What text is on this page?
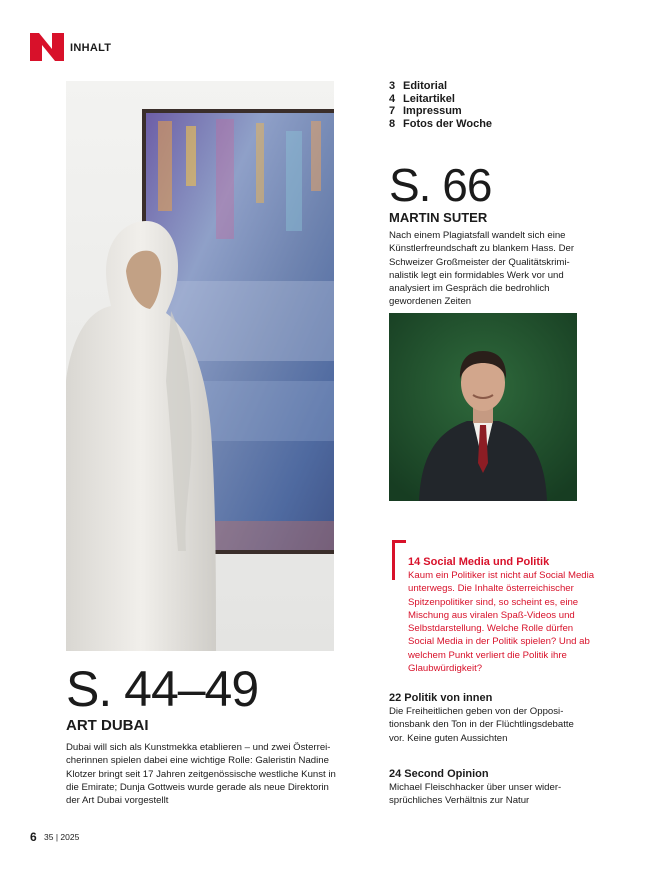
INHALT
S. 44–49
ART DUBAI
Dubai will sich als Kunstmekka etablieren – und zwei Österreicherinnen spielen dabei eine wichtige Rolle: Galeristin Nadine Klotzer bringt seit 17 Jahren zeitgenössische westliche Kunst in die Emirate; Dunja Gottweis wurde gerade als neue Direktorin der Art Dubai vorgestellt
3 Editorial
4 Leitartikel
7 Impressum
8 Fotos der Woche
S. 66
MARTIN SUTER
Nach einem Plagiatsfall wandelt sich eine Künstlerfreundschaft zu blankem Hass. Der Schweizer Großmeister der Qualitätskriminalistik legt ein formidables Werk vor und analysiert im Gespräch die bedrohlich gewordenen Zeiten
14 Social Media und Politik
Kaum ein Politiker ist nicht auf Social Media unterwegs. Die Inhalte österreichischer Spitzenpolitiker sind, so scheint es, eine Mischung aus viralen Spaß-Videos und Selbstdarstellung. Welche Rolle dürfen Social Media in der Politik spielen? Und ab welchem Punkt verliert die Politik ihre Glaubwürdigkeit?
22 Politik von innen
Die Freiheitlichen geben von der Oppositionsbank den Ton in der Flüchtlingsdebatte vor. Keine guten Aussichten
24 Second Opinion
Michael Fleischhacker über unser widersprüchliches Verhältnis zur Natur
6 35 | 2025
